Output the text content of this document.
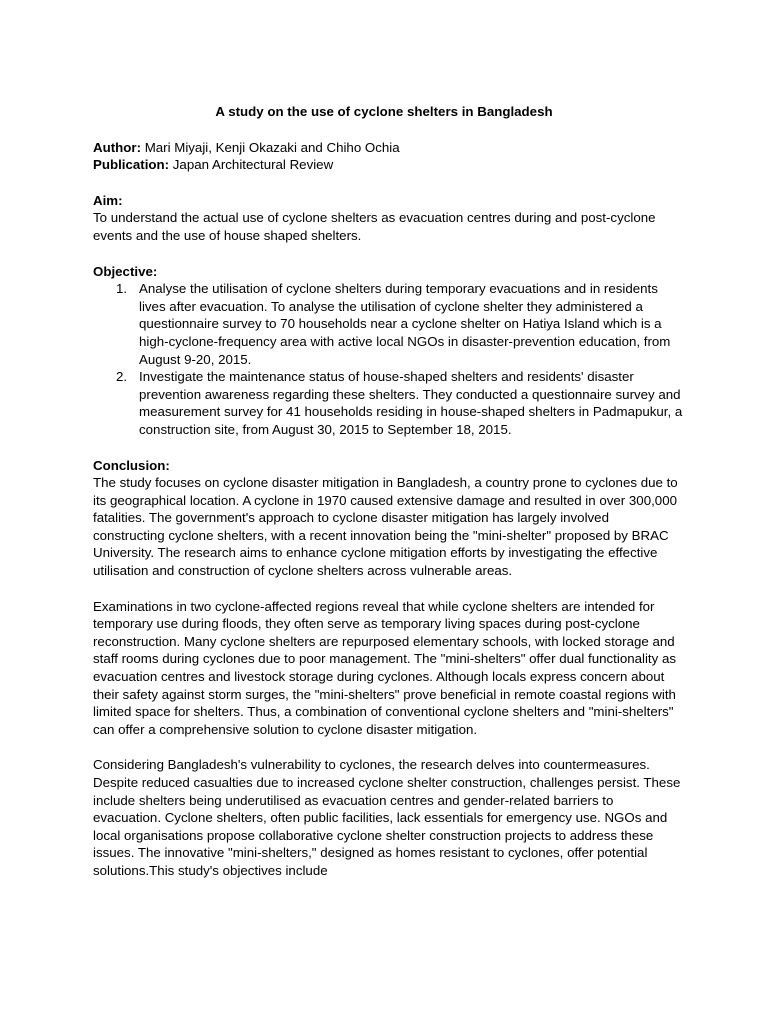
A study on the use of cyclone shelters in Bangladesh
Author: Mari Miyaji, Kenji Okazaki and Chiho Ochia
Publication: Japan Architectural Review
Aim:

To understand the actual use of cyclone shelters as evacuation centres during and post-cyclone events and the use of house shaped shelters.

Objective:
1. Analyse the utilisation of cyclone shelters during temporary evacuations and in residents lives after evacuation. To analyse the utilisation of cyclone shelter they administered a questionnaire survey to 70 households near a cyclone shelter on Hatiya Island which is a high-cyclone-frequency area with active local NGOs in disaster-prevention education, from August 9-20, 2015.
2. Investigate the maintenance status of house-shaped shelters and residents' disaster prevention awareness regarding these shelters. They conducted a questionnaire survey and measurement survey for 41 households residing in house-shaped shelters in Padmapukur, a construction site, from August 30, 2015 to September 18, 2015.
Conclusion:

The study focuses on cyclone disaster mitigation in Bangladesh, a country prone to cyclones due to its geographical location. A cyclone in 1970 caused extensive damage and resulted in over 300,000 fatalities. The government's approach to cyclone disaster mitigation has largely involved constructing cyclone shelters, with a recent innovation being the "mini-shelter" proposed by BRAC University. The research aims to enhance cyclone mitigation efforts by investigating the effective utilisation and construction of cyclone shelters across vulnerable areas.

Examinations in two cyclone-affected regions reveal that while cyclone shelters are intended for temporary use during floods, they often serve as temporary living spaces during post-cyclone reconstruction. Many cyclone shelters are repurposed elementary schools, with locked storage and staff rooms during cyclones due to poor management. The "mini-shelters" offer dual functionality as evacuation centres and livestock storage during cyclones. Although locals express concern about their safety against storm surges, the "mini-shelters" prove beneficial in remote coastal regions with limited space for shelters. Thus, a combination of conventional cyclone shelters and "mini-shelters" can offer a comprehensive solution to cyclone disaster mitigation.

Considering Bangladesh's vulnerability to cyclones, the research delves into countermeasures. Despite reduced casualties due to increased cyclone shelter construction, challenges persist. These include shelters being underutilised as evacuation centres and gender-related barriers to evacuation. Cyclone shelters, often public facilities, lack essentials for emergency use. NGOs and local organisations propose collaborative cyclone shelter construction projects to address these issues. The innovative "mini-shelters," designed as homes resistant to cyclones, offer potential solutions.This study's objectives include
